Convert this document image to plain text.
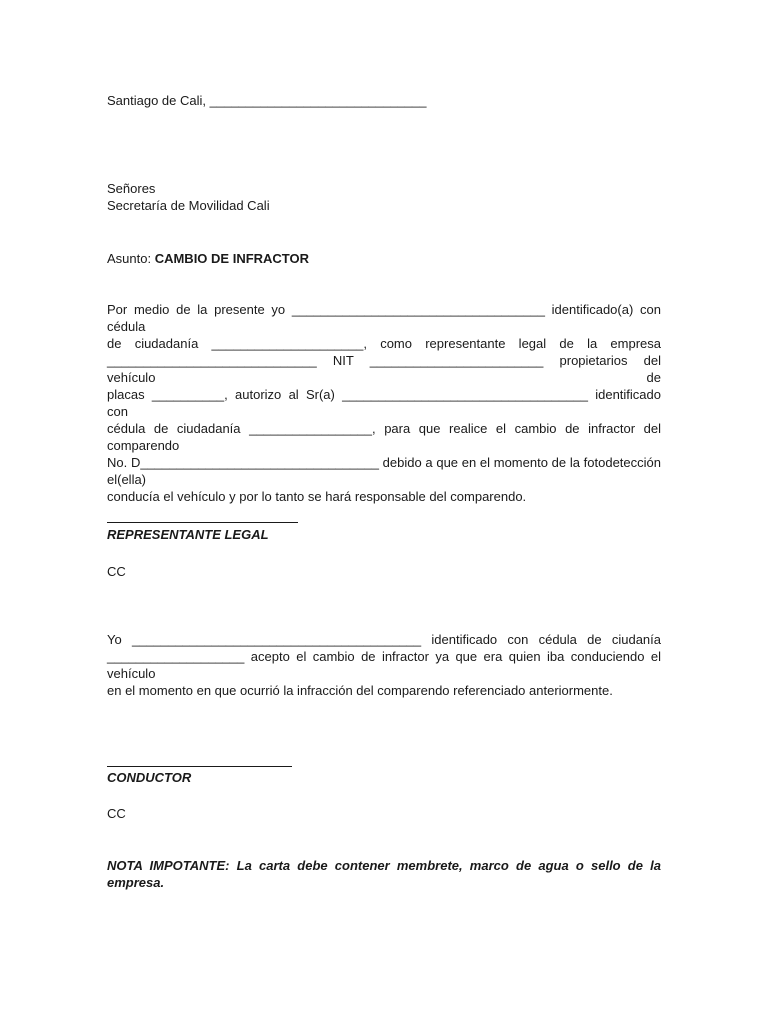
Santiago de Cali, ______________________________

Señores

Secretaría de Movilidad Cali

Asunto: CAMBIO DE INFRACTOR

Por medio de la presente yo ___________________________________ identificado(a) con cédula
de ciudadanía _____________________, como representante legal de la empresa
_____________________________ NIT ________________________ propietarios del vehículo de
placas __________, autorizo al Sr(a) __________________________________ identificado con
cédula de ciudadanía _________________, para que realice el cambio de infractor del comparendo
No. D_________________________________ debido a que en el momento de la fotodetección el(ella)
conducía el vehículo y por lo tanto se hará responsable del comparendo.

REPRESENTANTE LEGAL

CC

Yo ________________________________________ identificado con cédula de ciudanía
___________________ acepto el cambio de infractor ya que era quien iba conduciendo el vehículo
en el momento en que ocurrió la infracción del comparendo referenciado anteriormente.

CONDUCTOR

CC

NOTA IMPOTANTE: La carta debe contener membrete, marco de agua o sello de la
empresa.
